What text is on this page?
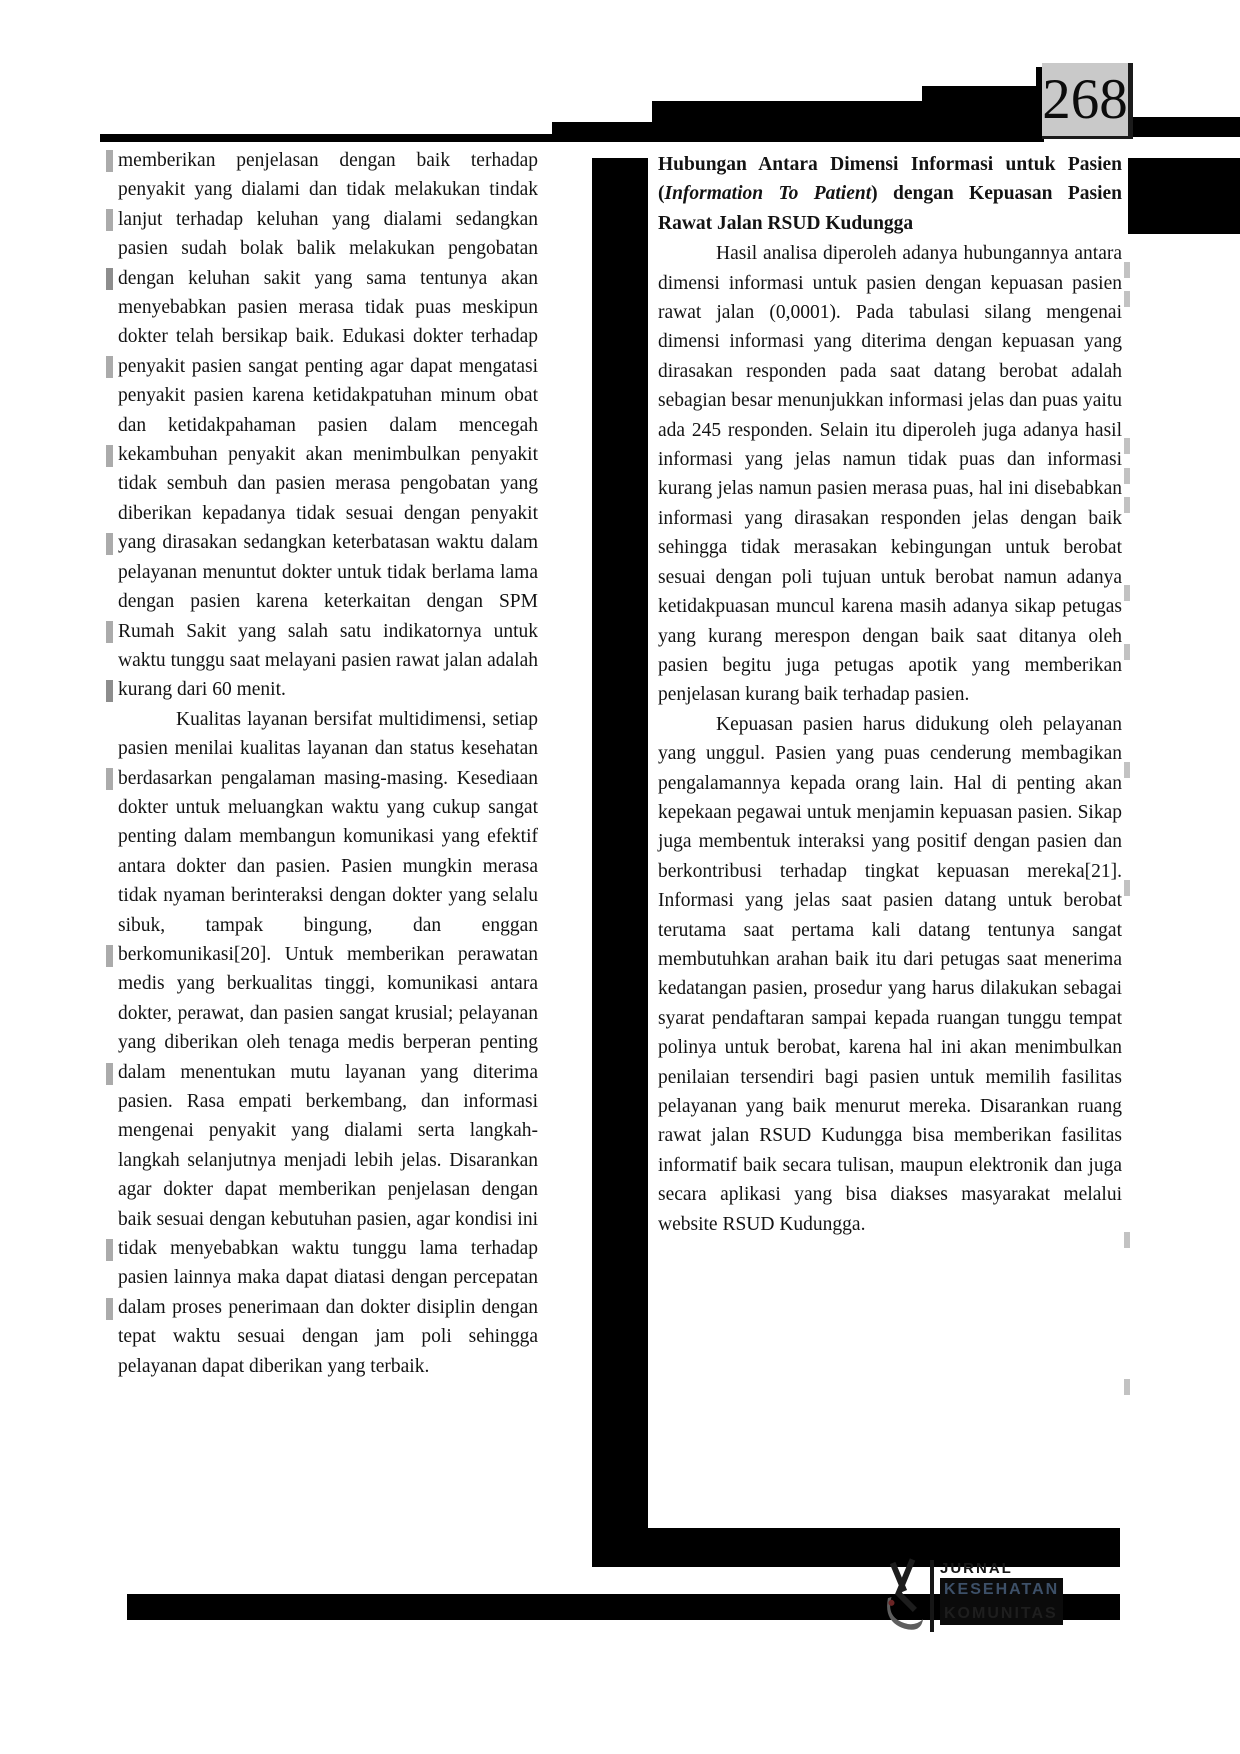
268

memberikan penjelasan dengan baik terhadap penyakit yang dialami dan tidak melakukan tindak lanjut terhadap keluhan yang dialami sedangkan pasien sudah bolak balik melakukan pengobatan dengan keluhan sakit yang sama tentunya akan menyebabkan pasien merasa tidak puas meskipun dokter telah bersikap baik. Edukasi dokter terhadap penyakit pasien sangat penting agar dapat mengatasi penyakit pasien karena ketidakpatuhan minum obat dan ketidakpahaman pasien dalam mencegah kekambuhan penyakit akan menimbulkan penyakit tidak sembuh dan pasien merasa pengobatan yang diberikan kepadanya tidak sesuai dengan penyakit yang dirasakan sedangkan keterbatasan waktu dalam pelayanan menuntut dokter untuk tidak berlama lama dengan pasien karena keterkaitan dengan SPM Rumah Sakit yang salah satu indikatornya untuk waktu tunggu saat melayani pasien rawat jalan adalah kurang dari 60 menit.

Kualitas layanan bersifat multidimensi, setiap pasien menilai kualitas layanan dan status kesehatan berdasarkan pengalaman masing-masing. Kesediaan dokter untuk meluangkan waktu yang cukup sangat penting dalam membangun komunikasi yang efektif antara dokter dan pasien. Pasien mungkin merasa tidak nyaman berinteraksi dengan dokter yang selalu sibuk, tampak bingung, dan enggan berkomunikasi[20]. Untuk memberikan perawatan medis yang berkualitas tinggi, komunikasi antara dokter, perawat, dan pasien sangat krusial; pelayanan yang diberikan oleh tenaga medis berperan penting dalam menentukan mutu layanan yang diterima pasien. Rasa empati berkembang, dan informasi mengenai penyakit yang dialami serta langkah-langkah selanjutnya menjadi lebih jelas. Disarankan agar dokter dapat memberikan penjelasan dengan baik sesuai dengan kebutuhan pasien, agar kondisi ini tidak menyebabkan waktu tunggu lama terhadap pasien lainnya maka dapat diatasi dengan percepatan dalam proses penerimaan dan dokter disiplin dengan tepat waktu sesuai dengan jam poli sehingga pelayanan dapat diberikan yang terbaik.

Hubungan Antara Dimensi Informasi untuk Pasien (Information To Patient) dengan Kepuasan Pasien Rawat Jalan RSUD Kudungga

Hasil analisa diperoleh adanya hubungannya antara dimensi informasi untuk pasien dengan kepuasan pasien rawat jalan (0,0001). Pada tabulasi silang mengenai dimensi informasi yang diterima dengan kepuasan yang dirasakan responden pada saat datang berobat adalah sebagian besar menunjukkan informasi jelas dan puas yaitu ada 245 responden. Selain itu diperoleh juga adanya hasil informasi yang jelas namun tidak puas dan informasi kurang jelas namun pasien merasa puas, hal ini disebabkan informasi yang dirasakan responden jelas dengan baik sehingga tidak merasakan kebingungan untuk berobat sesuai dengan poli tujuan untuk berobat namun adanya ketidakpuasan muncul karena masih adanya sikap petugas yang kurang merespon dengan baik saat ditanya oleh pasien begitu juga petugas apotik yang memberikan penjelasan kurang baik terhadap pasien.

Kepuasan pasien harus didukung oleh pelayanan yang unggul. Pasien yang puas cenderung membagikan pengalamannya kepada orang lain. Hal di penting akan kepekaan pegawai untuk menjamin kepuasan pasien. Sikap juga membentuk interaksi yang positif dengan pasien dan berkontribusi terhadap tingkat kepuasan mereka[21]. Informasi yang jelas saat pasien datang untuk berobat terutama saat pertama kali datang tentunya sangat membutuhkan arahan baik itu dari petugas saat menerima kedatangan pasien, prosedur yang harus dilakukan sebagai syarat pendaftaran sampai kepada ruangan tunggu tempat polinya untuk berobat, karena hal ini akan menimbulkan penilaian tersendiri bagi pasien untuk memilih fasilitas pelayanan yang baik menurut mereka. Disarankan ruang rawat jalan RSUD Kudungga bisa memberikan fasilitas informatif baik secara tulisan, maupun elektronik dan juga secara aplikasi yang bisa diakses masyarakat melalui website RSUD Kudungga.

JURNAL
KESEHATAN
KOMUNITAS
